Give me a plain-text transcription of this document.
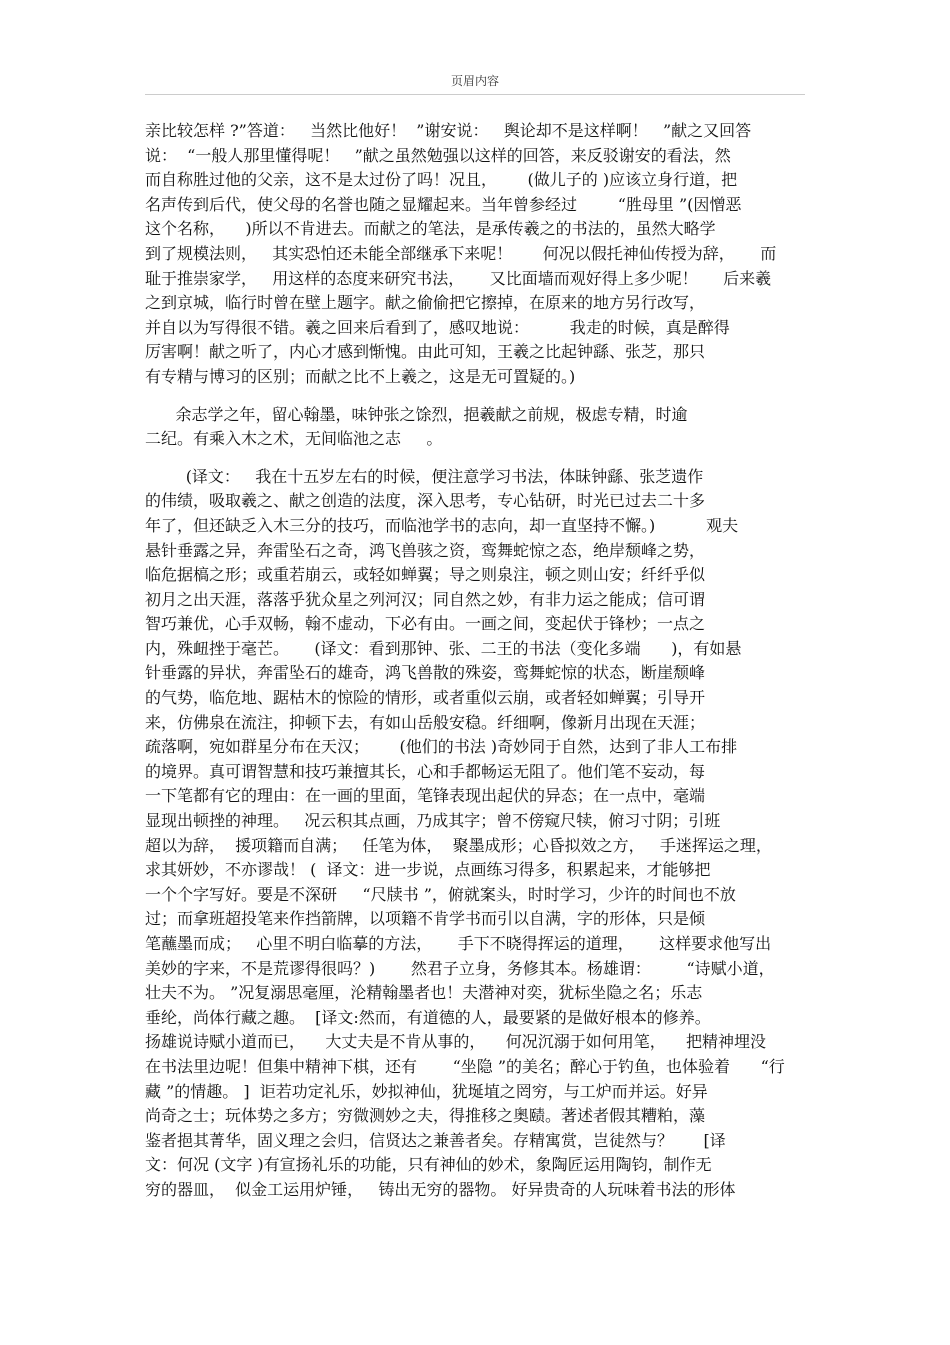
页眉内容
亲比较怎样 ?”答道：   当然比他好！  ”谢安说：   舆论却不是这样啊！   ”献之又回答
说：  “一般人那里懂得呢！   ”献之虽然勉强以这样的回答，来反驳谢安的看法，然
而自称胜过他的父亲，这不是太过份了吗！况且，      (做儿子的 )应该立身行道，把
名声传到后代，使父母的名誉也随之显耀起来。当年曾参经过        “胜母里 ”(因憎恶
这个名称，    )所以不肯进去。而献之的笔法，是承传羲之的书法的，虽然大略学
到了规模法则，   其实恐怕还未能全部继承下来呢！      何况以假托神仙传授为辞，     而
耻于推崇家学，   用这样的态度来研究书法，     又比面墙而观好得上多少呢！     后来羲
之到京城，临行时曾在壁上题字。献之偷偷把它擦掉，在原来的地方另行改写，
并自以为写得很不错。羲之回来后看到了，感叹地说：        我走的时候，真是醉得
厉害啊！献之听了，内心才感到惭愧。由此可知，王羲之比起钟繇、张芝，那只
有专精与博习的区别；而献之比不上羲之，这是无可置疑的。)
余志学之年，留心翰墨，味钟张之馀烈，挹羲献之前规，极虑专精，时逾
二纪。有乘入木之术，无间临池之志     。
(译文：   我在十五岁左右的时候，便注意学习书法，体昧钟繇、张芝遗作
的伟绩，吸取羲之、献之创造的法度，深入思考，专心钻研，时光已过去二十多
年了，但还缺乏入木三分的技巧，而临池学书的志向，却一直坚持不懈。)          观夫
悬针垂露之异，奔雷坠石之奇，鸿飞兽骇之资，鸾舞蛇惊之态，绝岸颓峰之势，
临危据槁之形；或重若崩云，或轻如蝉翼；导之则泉注，顿之则山安；纤纤乎似
初月之出天涯，落落乎犹众星之列河汉；同自然之妙，有非力运之能成；信可谓
智巧兼优，心手双畅，翰不虚动，下必有由。一画之间，变起伏于锋杪；一点之
内，殊衄挫于毫芒。     (译文：看到那钟、张、二王的书法（变化多端      )，有如悬
针垂露的异状，奔雷坠石的雄奇，鸿飞兽散的殊姿，鸾舞蛇惊的状态，断崖颓峰
的气势，临危地、踞枯木的惊险的情形，或者重似云崩，或者轻如蝉翼；引导开
来，仿佛泉在流注，抑顿下去，有如山岳般安稳。纤细啊，像新月出现在天涯；
疏落啊，宛如群星分布在天汉；      (他们的书法 )奇妙同于自然，达到了非人工布排
的境界。真可谓智慧和技巧兼擅其长，心和手都畅运无阻了。他们笔不妄动，每
一下笔都有它的理由：在一画的里面，笔锋表现出起伏的异态；在一点中，毫端
显现出顿挫的神理。   况云积其点画，乃成其字；曾不傍窥尺犊，俯习寸阴；引班
超以为辞，  援项籍而自满；   任笔为体，  聚墨成形；心昏拟效之方，   手迷挥运之理，
求其妍妙，不亦谬哉！ (  译文：进一步说，点画练习得多，积累起来，才能够把
一个个字写好。要是不深研     “尺牍书 ”，俯就案头，时时学习，少许的时间也不放
过；而拿班超投笔来作挡箭牌，以项籍不肯学书而引以自满，字的形体，只是倾
笔蘸墨而成；   心里不明白临摹的方法，     手下不晓得挥运的道理，     这样要求他写出
美妙的字来，不是荒谬得很吗？)       然君子立身，务修其本。杨雄谓：       “诗赋小道，
壮夫不为。 ”况复溺思毫厘，沦精翰墨者也！夫潜神对奕，犹标坐隐之名；乐志
垂纶，尚体行藏之趣。  [译文:然而，有道德的人，最要紧的是做好根本的修养。
扬雄说诗赋小道而已，    大丈夫是不肯从事的，    何况沉溺于如何用笔，    把精神埋没
在书法里边呢！但集中精神下棋，还有       “坐隐 ”的美名；醉心于钓鱼，也体验着      “行
藏 ”的情趣。 ]  讵若功定礼乐，妙拟神仙，犹埏埴之罔穷，与工炉而并运。好异
尚奇之士；玩体势之多方；穷微测妙之夫，得推移之奥赜。著述者假其糟粕，藻
鉴者挹其菁华，固义理之会归，信贤达之兼善者矣。存精寓赏，岂徒然与？      [译
文：何况 (文字 )有宣扬礼乐的功能，只有神仙的妙术，象陶匠运用陶钧，制作无
穷的器皿，  似金工运用炉锤，   铸出无穷的器物。 好异贵奇的人玩味着书法的形体
